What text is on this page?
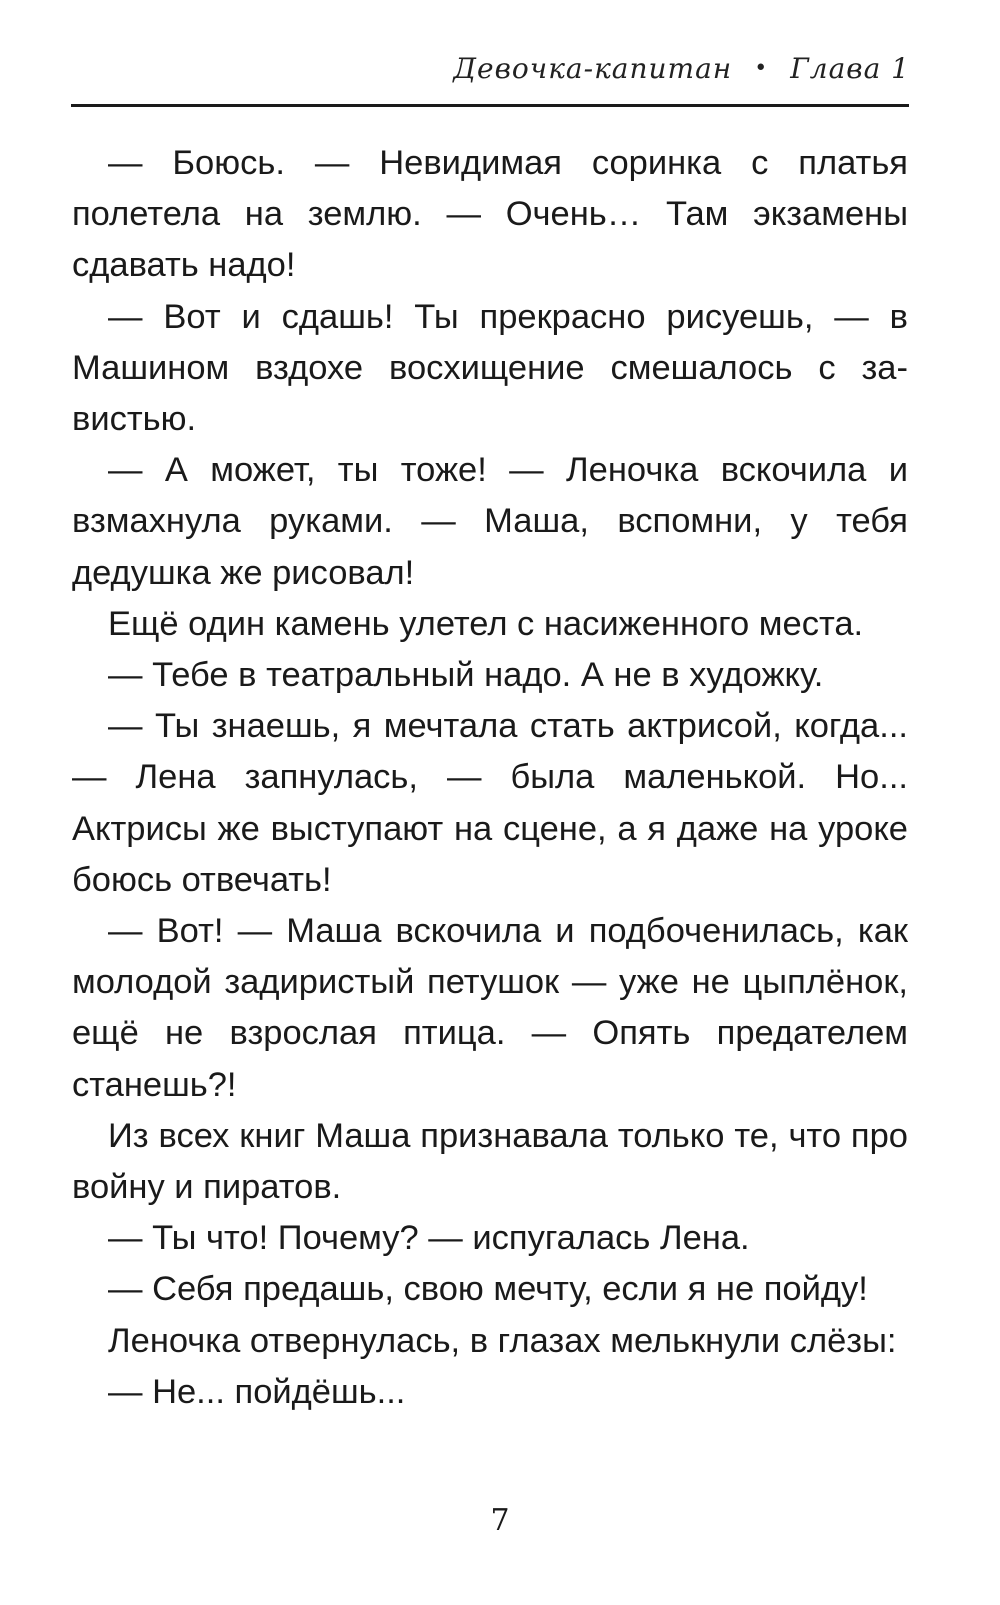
Девочка-капитан • Глава 1

— Боюсь. — Невидимая соринка с платья полетела на землю. — Очень… Там экзамены сдавать надо!

— Вот и сдашь! Ты прекрасно рисуешь, — в Машином вздохе восхищение смешалось с завистью.

— А может, ты тоже! — Леночка вскочила и взмахнула руками. — Маша, вспомни, у тебя дедушка же рисовал!

Ещё один камень улетел с насиженного места.

— Тебе в театральный надо. А не в художку.

— Ты знаешь, я мечтала стать актрисой, когда... — Лена запнулась, — была маленькой. Но... Актрисы же выступают на сцене, а я даже на уроке боюсь отвечать!

— Вот! — Маша вскочила и подбоченилась, как молодой задиристый петушок — уже не цыплёнок, ещё не взрослая птица. — Опять предателем станешь?!

Из всех книг Маша признавала только те, что про войну и пиратов.

— Ты что! Почему? — испугалась Лена.

— Себя предашь, свою мечту, если я не пойду!

Леночка отвернулась, в глазах мелькнули слёзы:

— Не... пойдёшь...

7
